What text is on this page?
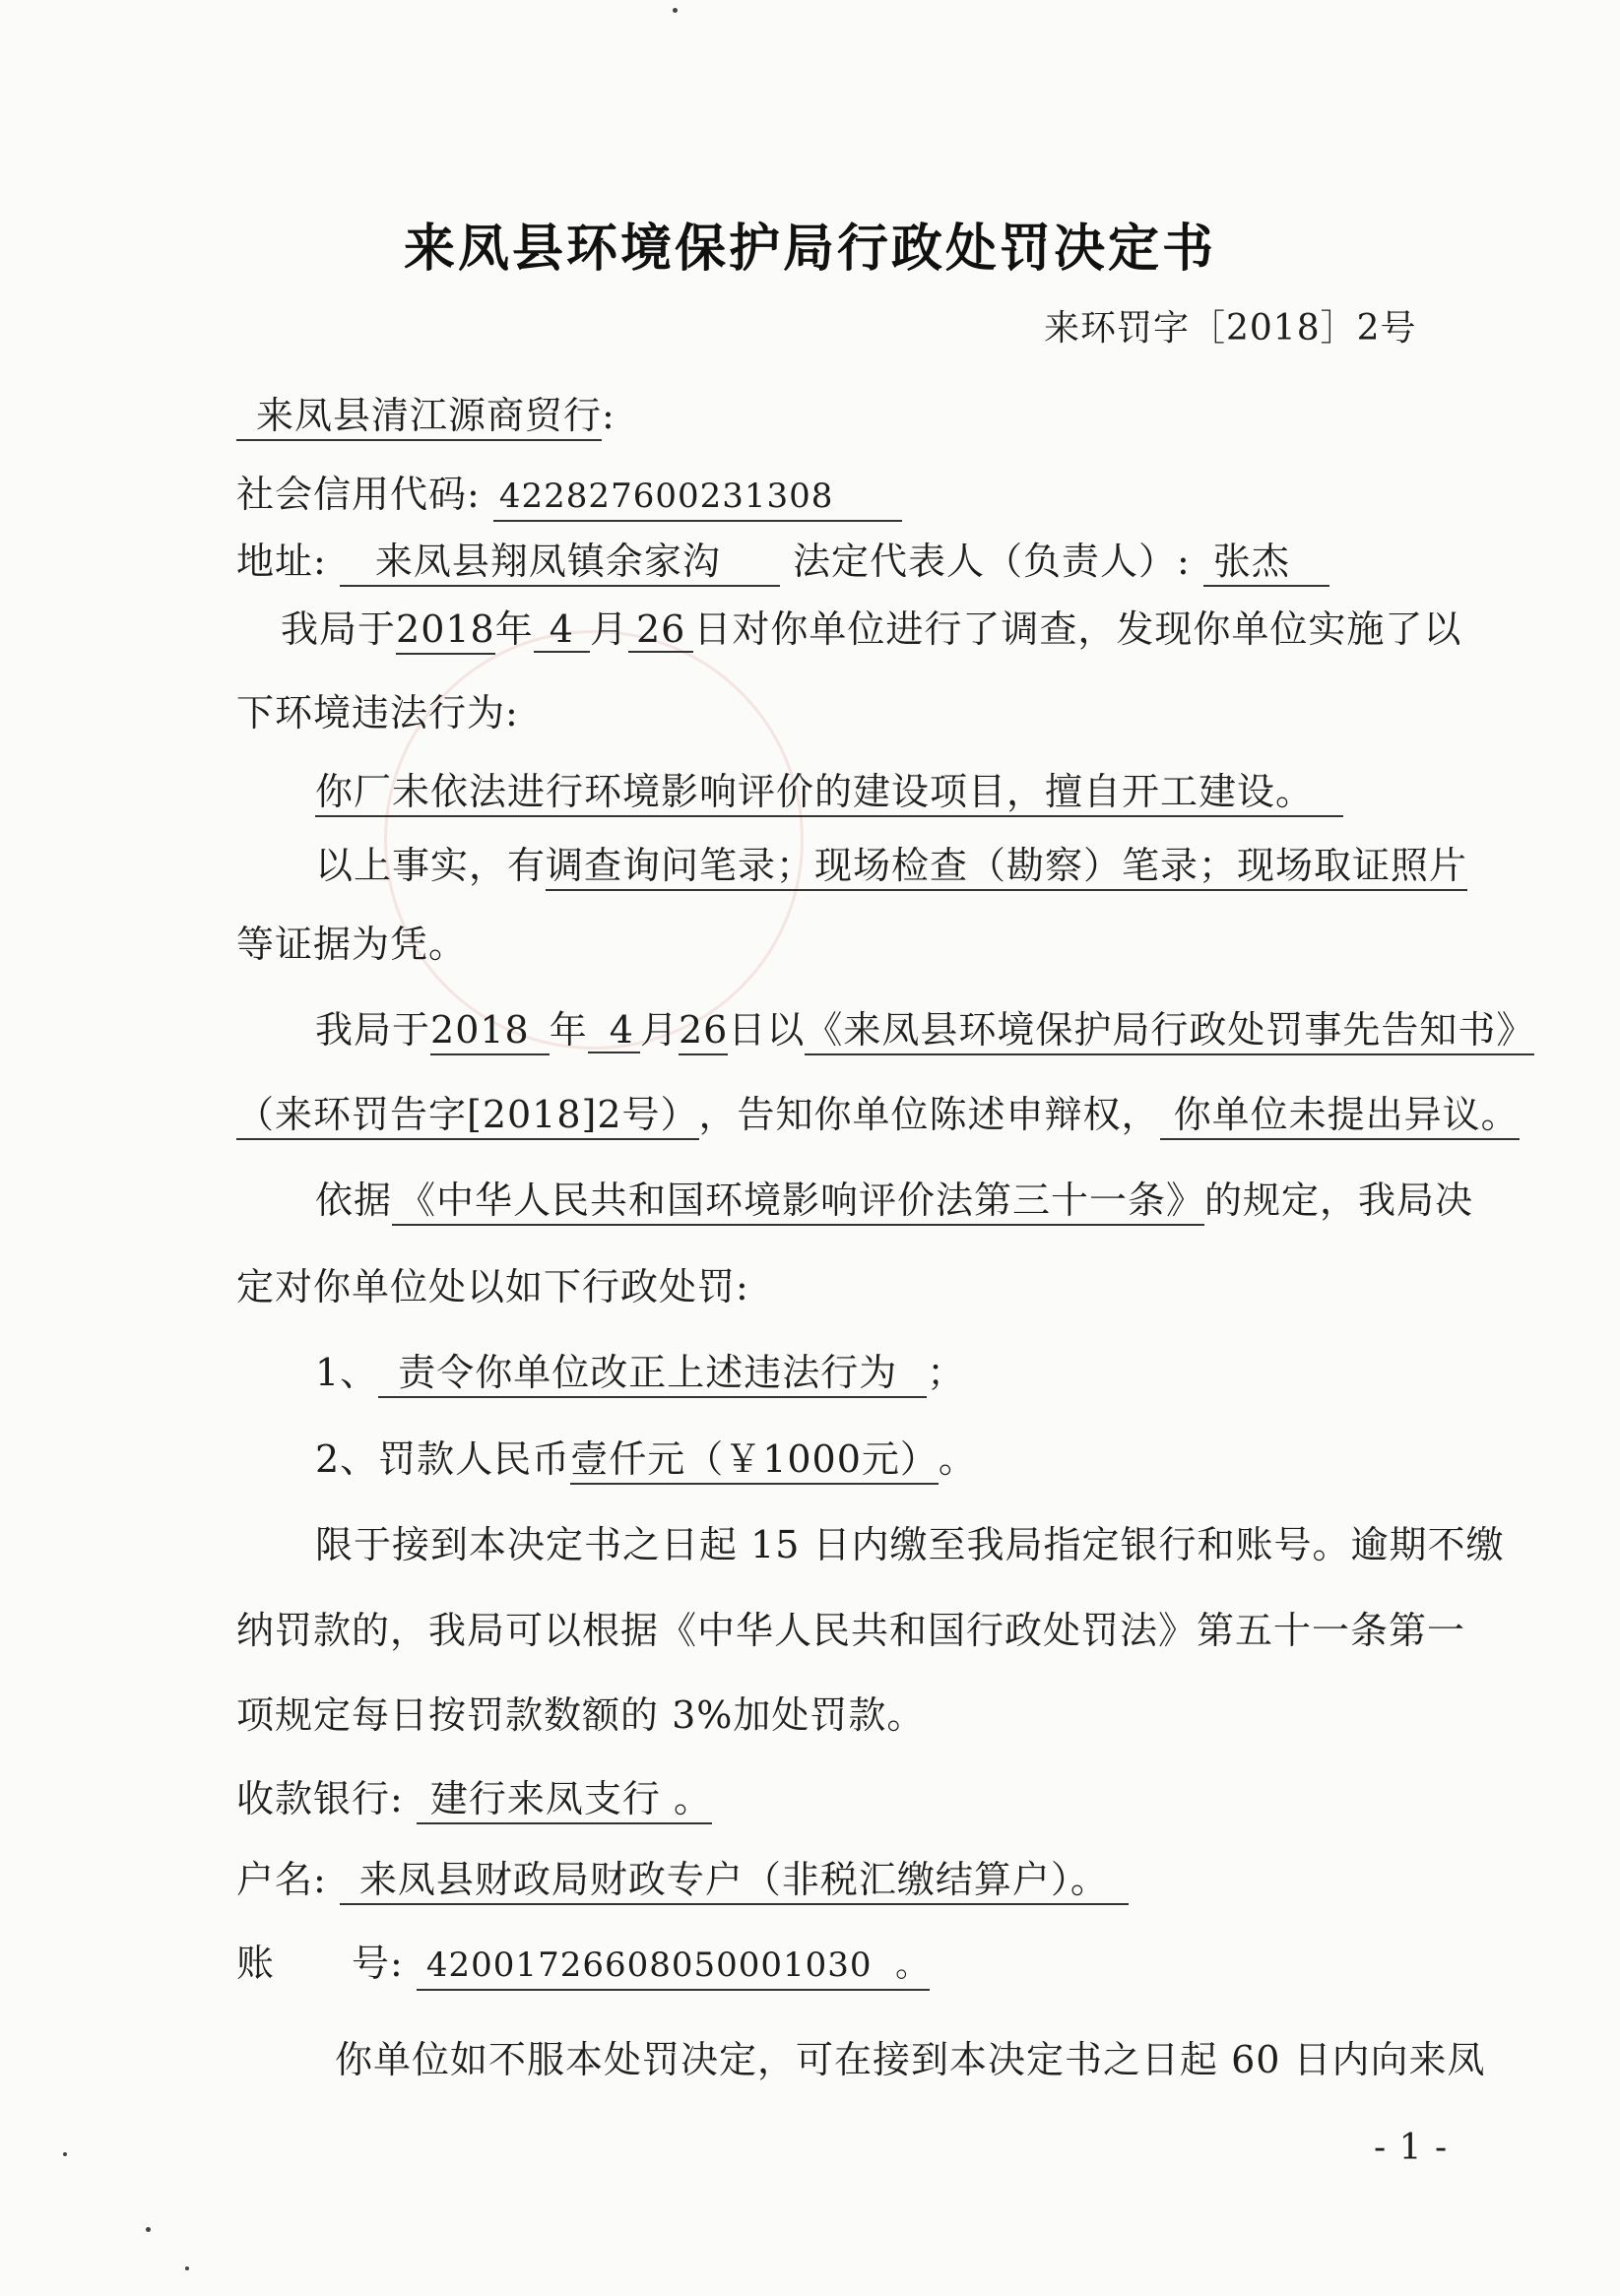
来凤县环境保护局行政处罚决定书
来环罚字［2018］2号
来凤县清江源商贸行:
社会信用代码: 422827600231308
地址: 来凤县翔凤镇余家沟 法定代表人（负责人）: 张杰
我局于2018年 4 月 26 日对你单位进行了调查，发现你单位实施了以
下环境违法行为:
你厂未依法进行环境影响评价的建设项目，擅自开工建设。
以上事实，有调查询问笔录；现场检查（勘察）笔录；现场取证照片
等证据为凭。
我局于2018 年 4 月26日以《来凤县环境保护局行政处罚事先告知书》
（来环罚告字[2018]2号），告知你单位陈述申辩权， 你单位未提出异议。
依据 《中华人民共和国环境影响评价法第三十一条》的规定，我局决
定对你单位处以如下行政处罚:
1、 责令你单位改正上述违法行为 ；
2、罚款人民币壹仟元（￥1000元）。
限于接到本决定书之日起 15 日内缴至我局指定银行和账号。逾期不缴
纳罚款的，我局可以根据《中华人民共和国行政处罚法》第五十一条第一
项规定每日按罚款数额的 3%加处罚款。
收款银行: 建行来凤支行 。
户名: 来凤县财政局财政专户（非税汇缴结算户）。
账　　号: 42001726608050001030 。
你单位如不服本处罚决定，可在接到本决定书之日起 60 日内向来凤
- 1 -
